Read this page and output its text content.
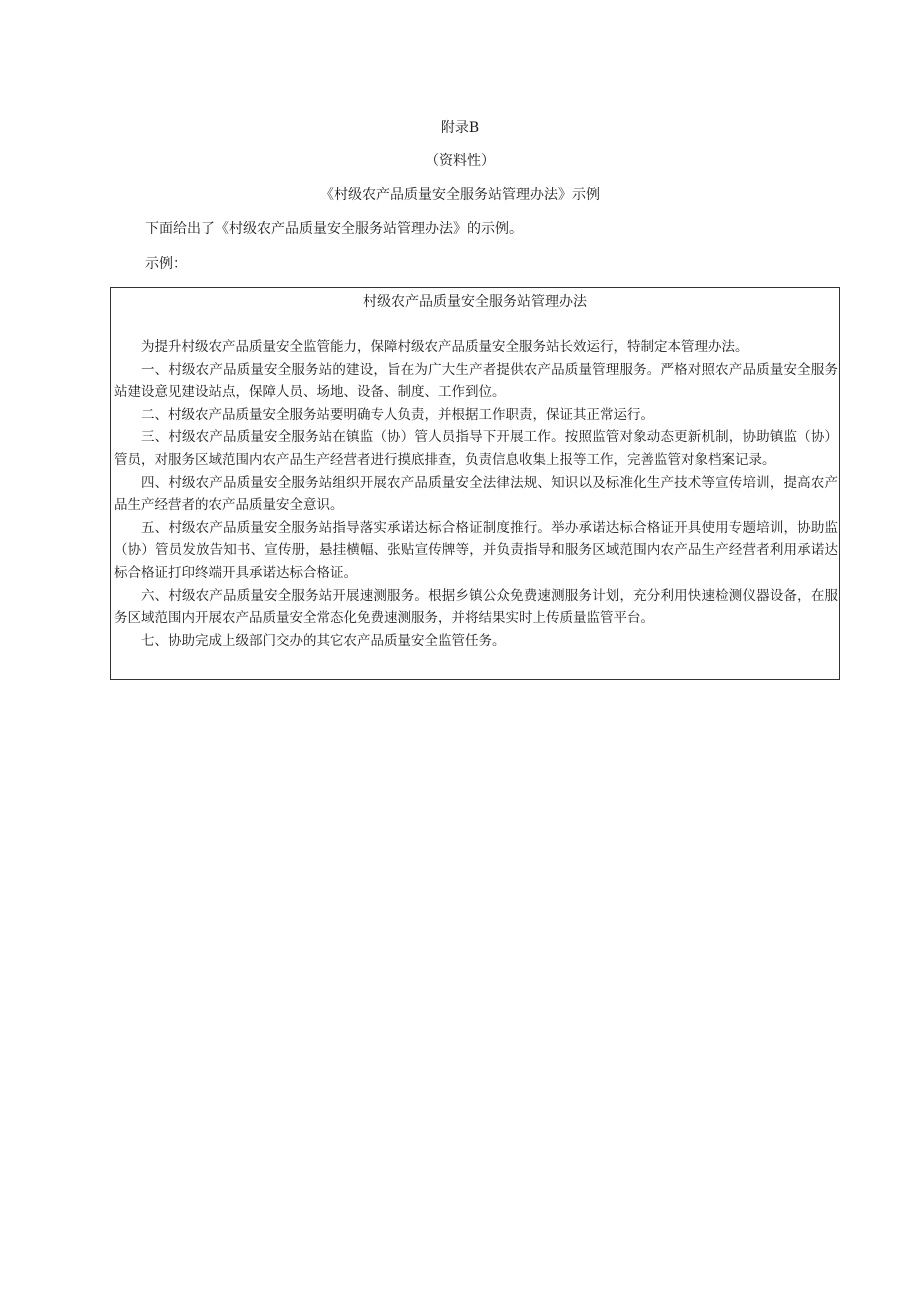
附录B
（资料性）
《村级农产品质量安全服务站管理办法》示例
下面给出了《村级农产品质量安全服务站管理办法》的示例。
示例：
村级农产品质量安全服务站管理办法

为提升村级农产品质量安全监管能力，保障村级农产品质量安全服务站长效运行，特制定本管理办法。

一、村级农产品质量安全服务站的建设，旨在为广大生产者提供农产品质量管理服务。严格对照农产品质量安全服务站建设意见建设站点，保障人员、场地、设备、制度、工作到位。

二、村级农产品质量安全服务站要明确专人负责，并根据工作职责，保证其正常运行。

三、村级农产品质量安全服务站在镇监（协）管人员指导下开展工作。按照监管对象动态更新机制，协助镇监（协）管员，对服务区域范围内农产品生产经营者进行摸底排查，负责信息收集上报等工作，完善监管对象档案记录。

四、村级农产品质量安全服务站组织开展农产品质量安全法律法规、知识以及标准化生产技术等宣传培训，提高农产品生产经营者的农产品质量安全意识。

五、村级农产品质量安全服务站指导落实承诺达标合格证制度推行。举办承诺达标合格证开具使用专题培训，协助监（协）管员发放告知书、宣传册，悬挂横幅、张贴宣传牌等，并负责指导和服务区域范围内农产品生产经营者利用承诺达标合格证打印终端开具承诺达标合格证。

六、村级农产品质量安全服务站开展速测服务。根据乡镇公众免费速测服务计划，充分利用快速检测仪器设备，在服务区域范围内开展农产品质量安全常态化免费速测服务，并将结果实时上传质量监管平台。

七、协助完成上级部门交办的其它农产品质量安全监管任务。
